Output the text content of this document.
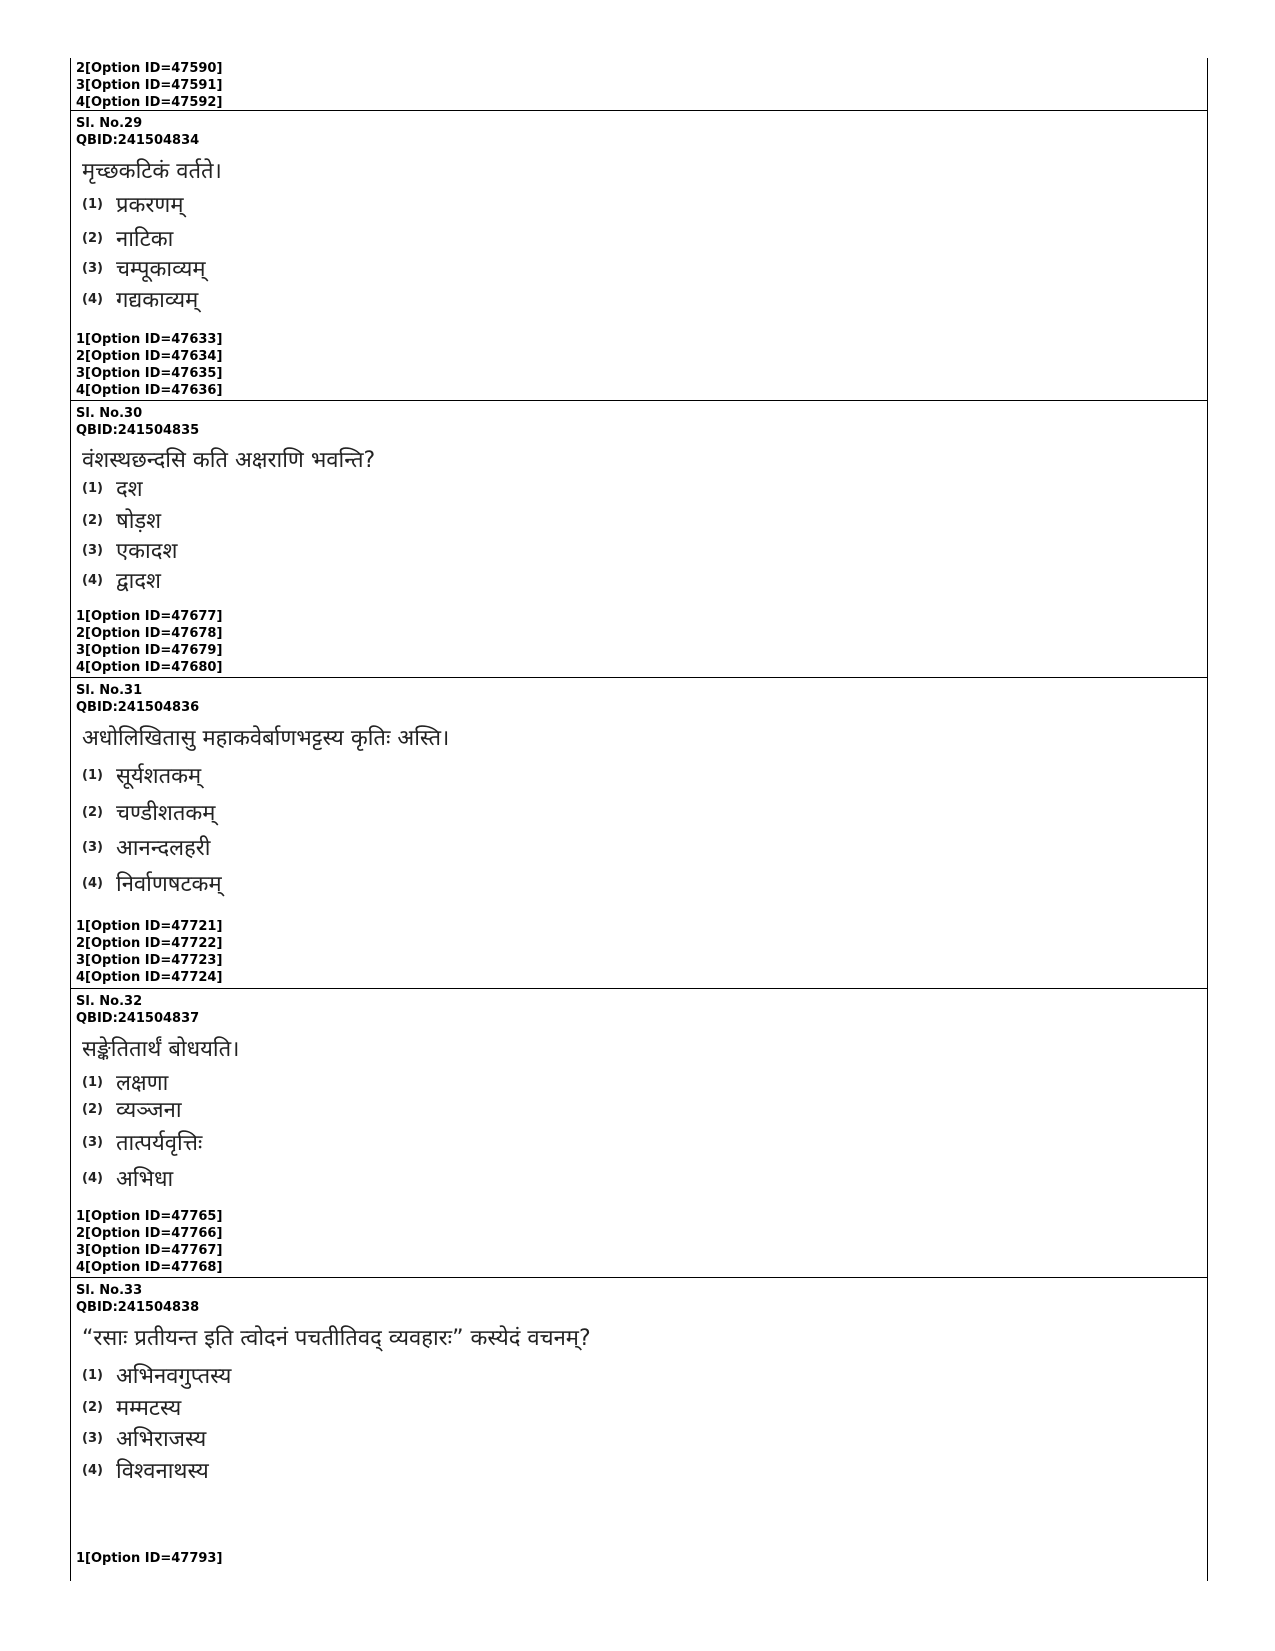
2[Option ID=47590]
3[Option ID=47591]
4[Option ID=47592]
Sl. No.29
QBID:241504834
मृच्छकटिकं वर्तते।
(1) प्रकरणम्
(2) नाटिका
(3) चम्पूकाव्यम्
(4) गद्यकाव्यम्
1[Option ID=47633]
2[Option ID=47634]
3[Option ID=47635]
4[Option ID=47636]
Sl. No.30
QBID:241504835
वंशस्थछन्दसि कति अक्षराणि भवन्ति?
(1) दश
(2) षोड़श
(3) एकादश
(4) द्वादश
1[Option ID=47677]
2[Option ID=47678]
3[Option ID=47679]
4[Option ID=47680]
Sl. No.31
QBID:241504836
अधोलिखितासु महाकवेर्बाणभट्टस्य कृतिः अस्ति।
(1) सूर्यशतकम्
(2) चण्डीशतकम्
(3) आनन्दलहरी
(4) निर्वाणषटकम्
1[Option ID=47721]
2[Option ID=47722]
3[Option ID=47723]
4[Option ID=47724]
Sl. No.32
QBID:241504837
सङ्केतितार्थं बोधयति।
(1) लक्षणा
(2) व्यञ्जना
(3) तात्पर्यवृत्तिः
(4) अभिधा
1[Option ID=47765]
2[Option ID=47766]
3[Option ID=47767]
4[Option ID=47768]
Sl. No.33
QBID:241504838
“रसाः प्रतीयन्त इति त्वोदनं पचतीतिवद् व्यवहारः” कस्येदं वचनम्?
(1) अभिनवगुप्तस्य
(2) मम्मटस्य
(3) अभिराजस्य
(4) विश्वनाथस्य
1[Option ID=47793]
